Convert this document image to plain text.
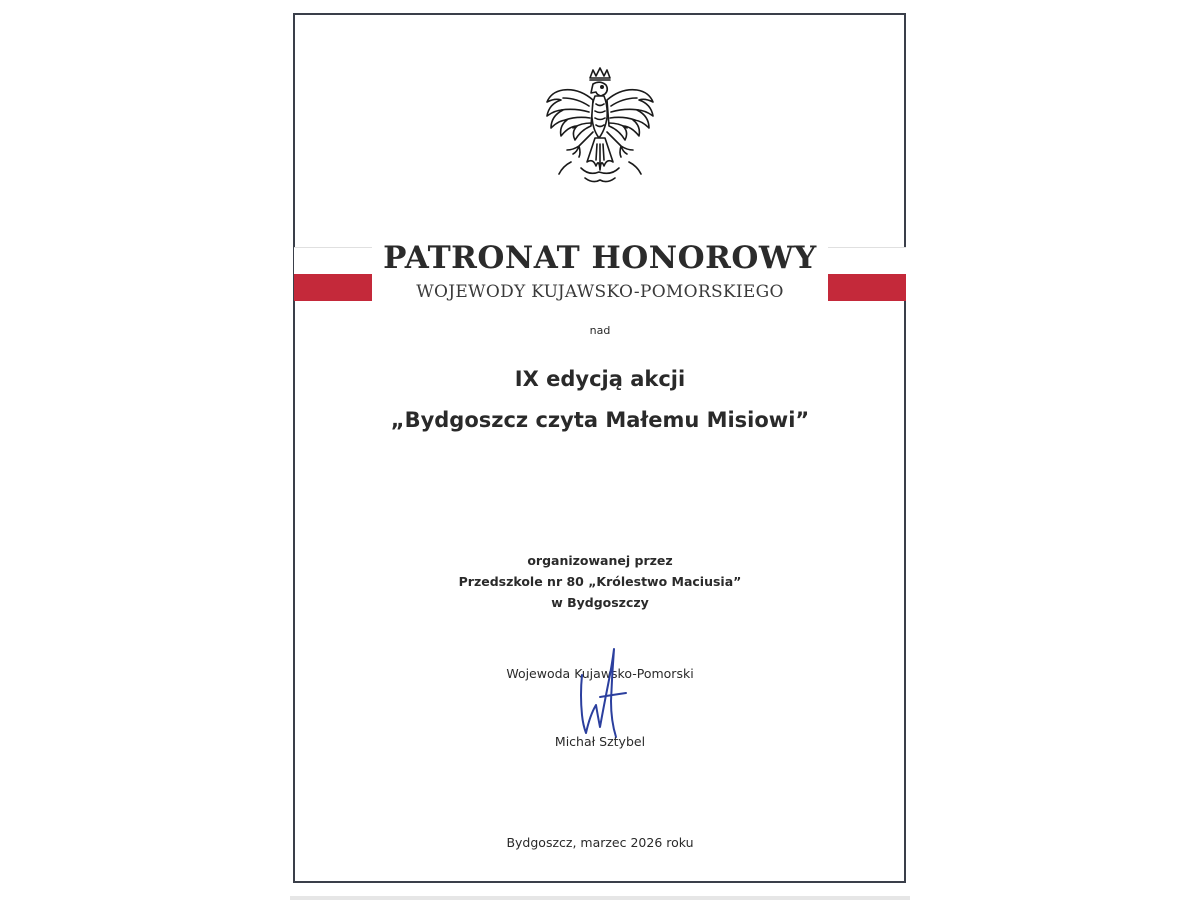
PATRONAT HONOROWY
WOJEWODY KUJAWSKO-POMORSKIEGO
nad
IX edycją akcji
„Bydgoszcz czyta Małemu Misiowi”
organizowanej przez
Przedszkole nr 80 „Królestwo Maciusia”
w Bydgoszczy
Wojewoda Kujawsko-Pomorski
Michał Sztybel
Bydgoszcz, marzec 2026 roku
